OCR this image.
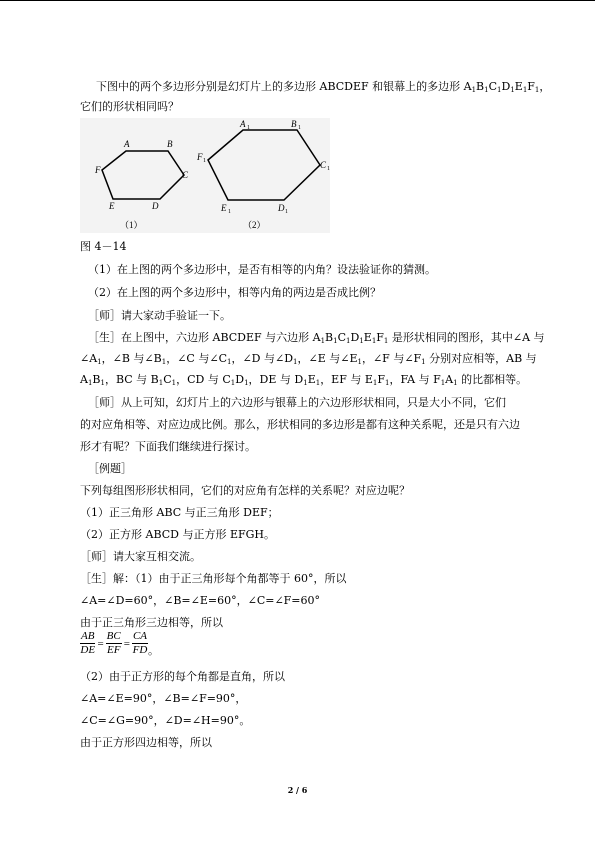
下图中的两个多边形分别是幻灯片上的多边形 ABCDEF 和银幕上的多边形 $A_1B_1C_1D_1E_1F_1$，
它们的形状相同吗？
A	B
C
D
E
F
A	B
C
D
E
F
1	1
1
1
1
1
（1）	（2）
图 4－14
（1）在上图的两个多边形中，是否有相等的内角？设法验证你的猜测。
（2）在上图的两个多边形中，相等内角的两边是否成比例？
［师］请大家动手验证一下。
［生］在上图中，六边形 ABCDEF 与六边形 $A_1B_1C_1D_1E_1F_1$ 是形状相同的图形，其中∠A 与
$\angle A_1$，∠B 与$\angle B_1$，∠C 与$\angle C_1$，∠D 与$\angle D_1$，∠E 与$\angle E_1$，∠F 与$\angle F_1$ 分别对应相等，AB 与
$A_1B_1$，BC 与 $B_1C_1$，CD 与 $C_1D_1$，DE 与 $D_1E_1$，EF 与 $E_1F_1$，FA 与 $F_1A_1$ 的比都相等。
［师］从上可知，幻灯片上的六边形与银幕上的六边形形状相同，只是大小不同，它们
的对应角相等、对应边成比例。那么，形状相同的多边形是都有这种关系呢，还是只有六边
形才有呢？下面我们继续进行探讨。
［例题］
下列每组图形形状相同，它们的对应角有怎样的关系呢？对应边呢？
（1）正三角形 ABC 与正三角形 DEF；
（2）正方形 ABCD 与正方形 EFGH。
［师］请大家互相交流。
［生］解：（1）由于正三角形每个角都等于 60°，所以
∠A=∠D=60°，∠B=∠E=60°，∠C=∠F=60°
由于正三角形三边相等，所以
$\frac{AB}{DE} = \frac{BC}{EF} = \frac{CA}{FD}$ 。
（2）由于正方形的每个角都是直角，所以
∠A=∠E=90°，∠B=∠F=90°，
∠C=∠G=90°，∠D=∠H=90°。
由于正方形四边相等，所以
2 / 6
